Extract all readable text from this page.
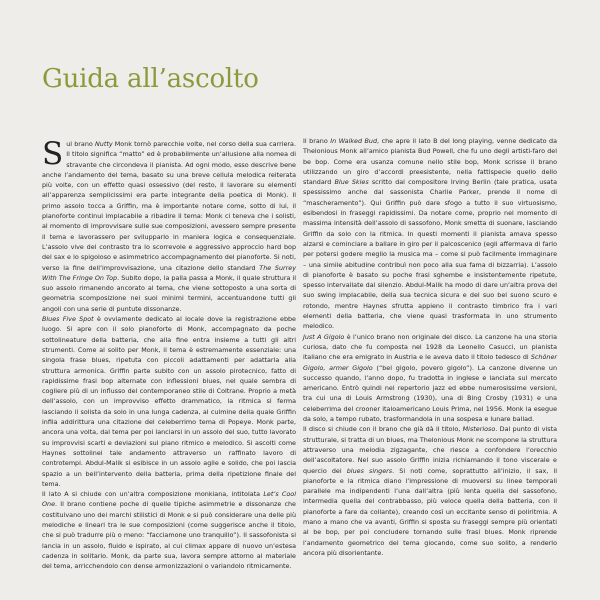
Guida all’ascolto

Sul brano Nutty Monk tornò parecchie volte, nel corso della sua carriera. Il titolo significa “matto” ed è probabilmente un’allusione alla nomea di stravante che circondeva il pianista. Ad ogni modo, esso descrive bene anche l’andamento del tema, basato su una breve cellula melodica reiterata più volte, con un effetto quasi ossessivo (del resto, il lavorare su elementi all’apparenza semplicissimi era parte integrante della poetica di Monk). Il primo assolo tocca a Griffin, ma è importante notare come, sotto di lui, il pianoforte continui implacabile a ribadire il tema: Monk ci teneva che i solisti, al momento di improvvisare sulle sue composizioni, avessero sempre presente il tema e lavorassero per svilupparlo in maniera logica e consequenziale. L’assolo vive del contrasto tra lo scorrevole e aggressivo approccio hard bop del sax e lo spigoloso e asimmetrico accompagnamento del pianoforte. Si noti, verso la fine dell’improvvisazione, una citazione dello standard The Surrey With The Fringe On Top. Subito dopo, la palla passa a Monk, il quale struttura il suo assolo rimanendo ancorato al tema, che viene sottoposto a una sorta di geometria scomposizione nei suoi minimi termini, accentuandone tutti gli angoli con una serie di puntute dissonanze.

Blues Five Spot è ovviamente dedicato al locale dove la registrazione ebbe luogo. Si apre con il solo pianoforte di Monk, accompagnato da poche sottolineature della batteria, che alla fine entra insieme a tutti gli altri strumenti. Come al solito per Monk, il tema è estremamente essenziale: una singola frase blues, ripetuta con piccoli adattamenti per adattarla alla struttura armonica. Griffin parte subito con un assolo pirotecnico, fatto di rapidissime frasi bop alternate con inflessioni blues, nel quale sembra di cogliere più di un influsso del contemporaneo stile di Coltrane. Proprio a metà dell’assolo, con un improvviso effetto drammatico, la ritmica si ferma lasciando il solista da solo in una lunga cadenza, al culmine della quale Griffin infila addirittura una citazione del celeberrimo tema di Popeye. Monk parte, ancora una volta, dal tema per poi lanciarsi in un assolo del suo, tutto lavorato su improvvisi scarti e deviazioni sul piano ritmico e melodico. Si ascolti come Haynes sottolinei tale andamento attraverso un raffinato lavoro di controtempi. Abdul-Malik si esibisce in un assolo agile e solido, che poi lascia spazio a un bell’intervento della batteria, prima della ripetizione finale del tema.

Il lato A si chiude con un’altra composizione monkiana, intitolata Let’s Cool One. Il brano contiene poche di quelle tipiche asimmetrie e dissonanze che costituivano uno dei marchi stilistici di Monk e si può considerare una delle più melodiche e lineari tra le sue composizioni (come suggerisce anche il titolo, che si può tradurre più o meno: “facciamone uno tranquillo”). Il sassofonista si lancia in un assolo, fluido e ispirato, al cui climax appare di nuovo un’estesa cadenza in solitario. Monk, da parte sua, lavora sempre attorno al materiale del tema, arricchendolo con dense armonizzazioni o variandolo ritmicamente.

Il brano In Walked Bud, che apre il lato B del long playing, venne dedicato da Thelonious Monk all’amico pianista Bud Powell, che fu uno degli artisti-faro del be bop. Come era usanza comune nello stile bop, Monk scrisse il brano utilizzando un giro d’accordi preesistente, nella fattispecie quello dello standard Blue Skies scritto dal compositore Irving Berlin (tale pratica, usata spessissimo anche dal sassonista Charlie Parker, prende il nome di “mascheramento”). Qui Griffin può dare sfogo a tutto il suo virtuosismo, esibendosi in fraseggi rapidissimi. Da notare come, proprio nel momento di massima intensità dell’assolo di sassofono, Monk smetta di suonare, lasciando Griffin da solo con la ritmica. In questi momenti il pianista amava spesso alzarsi e cominciare a ballare in giro per il palcoscenico (egli affermava di farlo per potersi godere meglio la musica ma – come si può facilmente immaginare – una simile abitudine contribuì non poco alla sua fama di bizzarria). L’assolo di pianoforte è basato su poche frasi sghembe e insistentemente ripetute, spesso intervallate dal silenzio. Abdul-Malik ha modo di dare un’altra prova del suo swing implacabile, della sua tecnica sicura e del suo bel suono scuro e rotondo, mentre Haynes sfrutta appieno il contrasto timbrico fra i vari elementi della batteria, che viene quasi trasformata in uno strumento melodico.

Just A Gigolo è l’unico brano non originale del disco. La canzone ha una storia curiosa, dato che fu composta nel 1928 da Leonello Casucci, un pianista italiano che era emigrato in Austria e le aveva dato il titolo tedesco di Schöner Gigolo, armer Gigolo (“bel gigolo, povero gigolo”). La canzone divenne un successo quando, l’anno dopo, fu tradotta in inglese e lanciata sul mercato americano. Entrò quindi nel repertorio jazz ed ebbe numerosissime versioni, tra cui una di Louis Armstrong (1930), una di Bing Crosby (1931) e una celeberrima del crooner italoamericano Louis Prima, nel 1956. Monk la esegue da solo, a tempo rubato, trasformandola in una sospesa e lunare ballad.

Il disco si chiude con il brano che già dà il titolo, Misterioso. Dal punto di vista strutturale, si tratta di un blues, ma Thelonious Monk ne scompone la struttura attraverso una melodia zigzagante, che riesce a confondere l’orecchio dell’ascoltatore. Nel suo assolo Griffin inizia richiamando il tono viscerale e quercio dei blues singers. Si noti come, soprattutto all’inizio, il sax, il pianoforte e la ritmica diano l’impressione di muoversi su linee temporali parallele ma indipendenti l’una dall’altra (più lenta quella del sassofono, intermedia quella del contrabbasso, più veloce quella della batteria, con il pianoforte a fare da collante), creando così un eccitante senso di poliritmia. A mano a mano che va avanti, Griffin si sposta su fraseggi sempre più orientati al be bop, per poi concludere tornando sulle frasi blues. Monk riprende l’andamento geometrico del tema giocando, come suo solito, a renderlo ancora più disorientante.
